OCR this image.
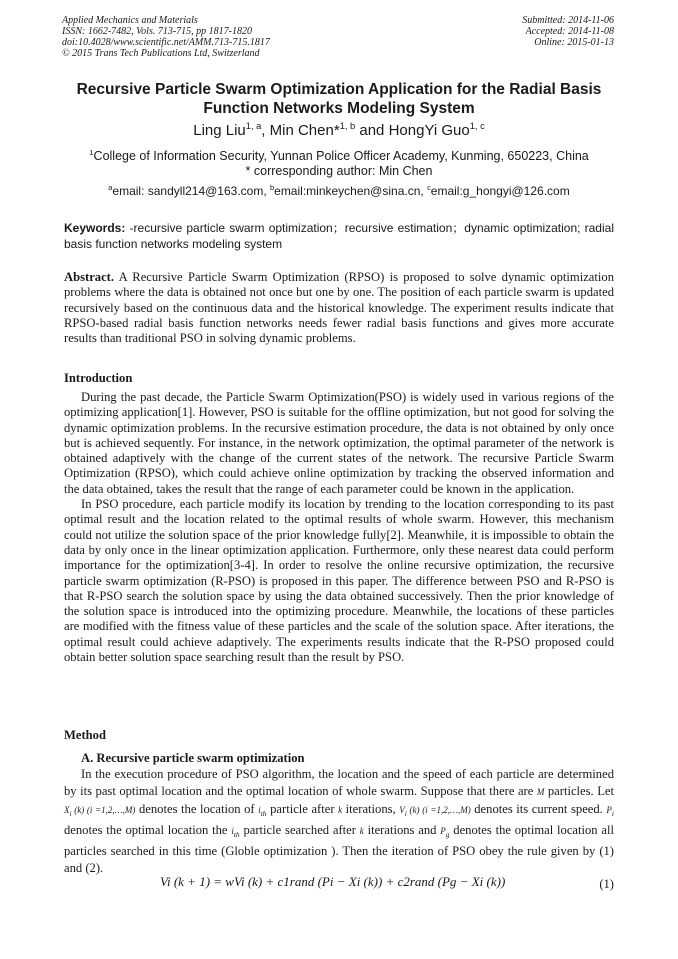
Applied Mechanics and Materials
ISSN: 1662-7482, Vols. 713-715, pp 1817-1820
doi:10.4028/www.scientific.net/AMM.713-715.1817
© 2015 Trans Tech Publications Ltd, Switzerland
Submitted: 2014-11-06
Accepted: 2014-11-08
Online: 2015-01-13
Recursive Particle Swarm Optimization Application for the Radial Basis
Function Networks Modeling System
Ling Liu$^{1, a}$, Min Chen*$^{1, b}$ and HongYi Guo$^{1, c}$
$^1$College of Information Security, Yunnan Police Officer Academy, Kunming, 650223, China
* corresponding author: Min Chen
$^a$email: sandyll214@163.com, $^b$email:minkeychen@sina.cn, $^c$email:g_hongyi@126.com
Keywords: -recursive particle swarm optimization；recursive estimation；dynamic optimization; radial basis function networks modeling system
Abstract. A Recursive Particle Swarm Optimization (RPSO) is proposed to solve dynamic optimization problems where the data is obtained not once but one by one. The position of each particle swarm is updated recursively based on the continuous data and the historical knowledge. The experiment results indicate that RPSO-based radial basis function networks needs fewer radial basis functions and gives more accurate results than traditional PSO in solving dynamic problems.
Introduction

During the past decade, the Particle Swarm Optimization(PSO) is widely used in various regions of the optimizing application[1]. However, PSO is suitable for the offline optimization, but not good for solving the dynamic optimization problems. In the recursive estimation procedure, the data is not obtained by only once but is achieved sequently. For instance, in the network optimization, the optimal parameter of the network is obtained adaptively with the change of the current states of the network. The recursive Particle Swarm Optimization (RPSO), which could achieve online optimization by tracking the observed information and the data obtained, takes the result that the range of each parameter could be known in the application.

In PSO procedure, each particle modify its location by trending to the location corresponding to its past optimal result and the location related to the optimal results of whole swarm. However, this mechanism could not utilize the solution space of the prior knowledge fully[2]. Meanwhile, it is impossible to obtain the data by only once in the linear optimization application. Furthermore, only these nearest data could perform importance for the optimization[3-4]. In order to resolve the online recursive optimization, the recursive particle swarm optimization (R-PSO) is proposed in this paper. The difference between PSO and R-PSO is that R-PSO search the solution space by using the data obtained successively. Then the prior knowledge of the solution space is introduced into the optimizing procedure. Meanwhile, the locations of these particles are modified with the fitness value of these particles and the scale of the solution space. After iterations, the optimal result could achieve adaptively. The experiments results indicate that the R-PSO proposed could obtain better solution space searching result than the result by PSO.

Method
A. Recursive particle swarm optimization

In the execution procedure of PSO algorithm, the location and the speed of each particle are determined by its past optimal location and the optimal location of whole swarm. Suppose that there are M particles. Let $X_i$ (k) (i =1,2,…,M) denotes the location of $i_{th}$ particle after k iterations, $V_i$ (k) (i =1,2,…,M) denotes its current speed. $P_i$ denotes the optimal location the $i_{th}$ particle searched after k iterations and $P_g$ denotes the optimal location all particles searched in this time (Globle optimization ). Then the iteration of PSO obey the rule given by (1) and (2).

Vi (k + 1) = wVi (k) + c1rand (Pi − Xi (k)) + c2rand (Pg − Xi (k))	(1)
